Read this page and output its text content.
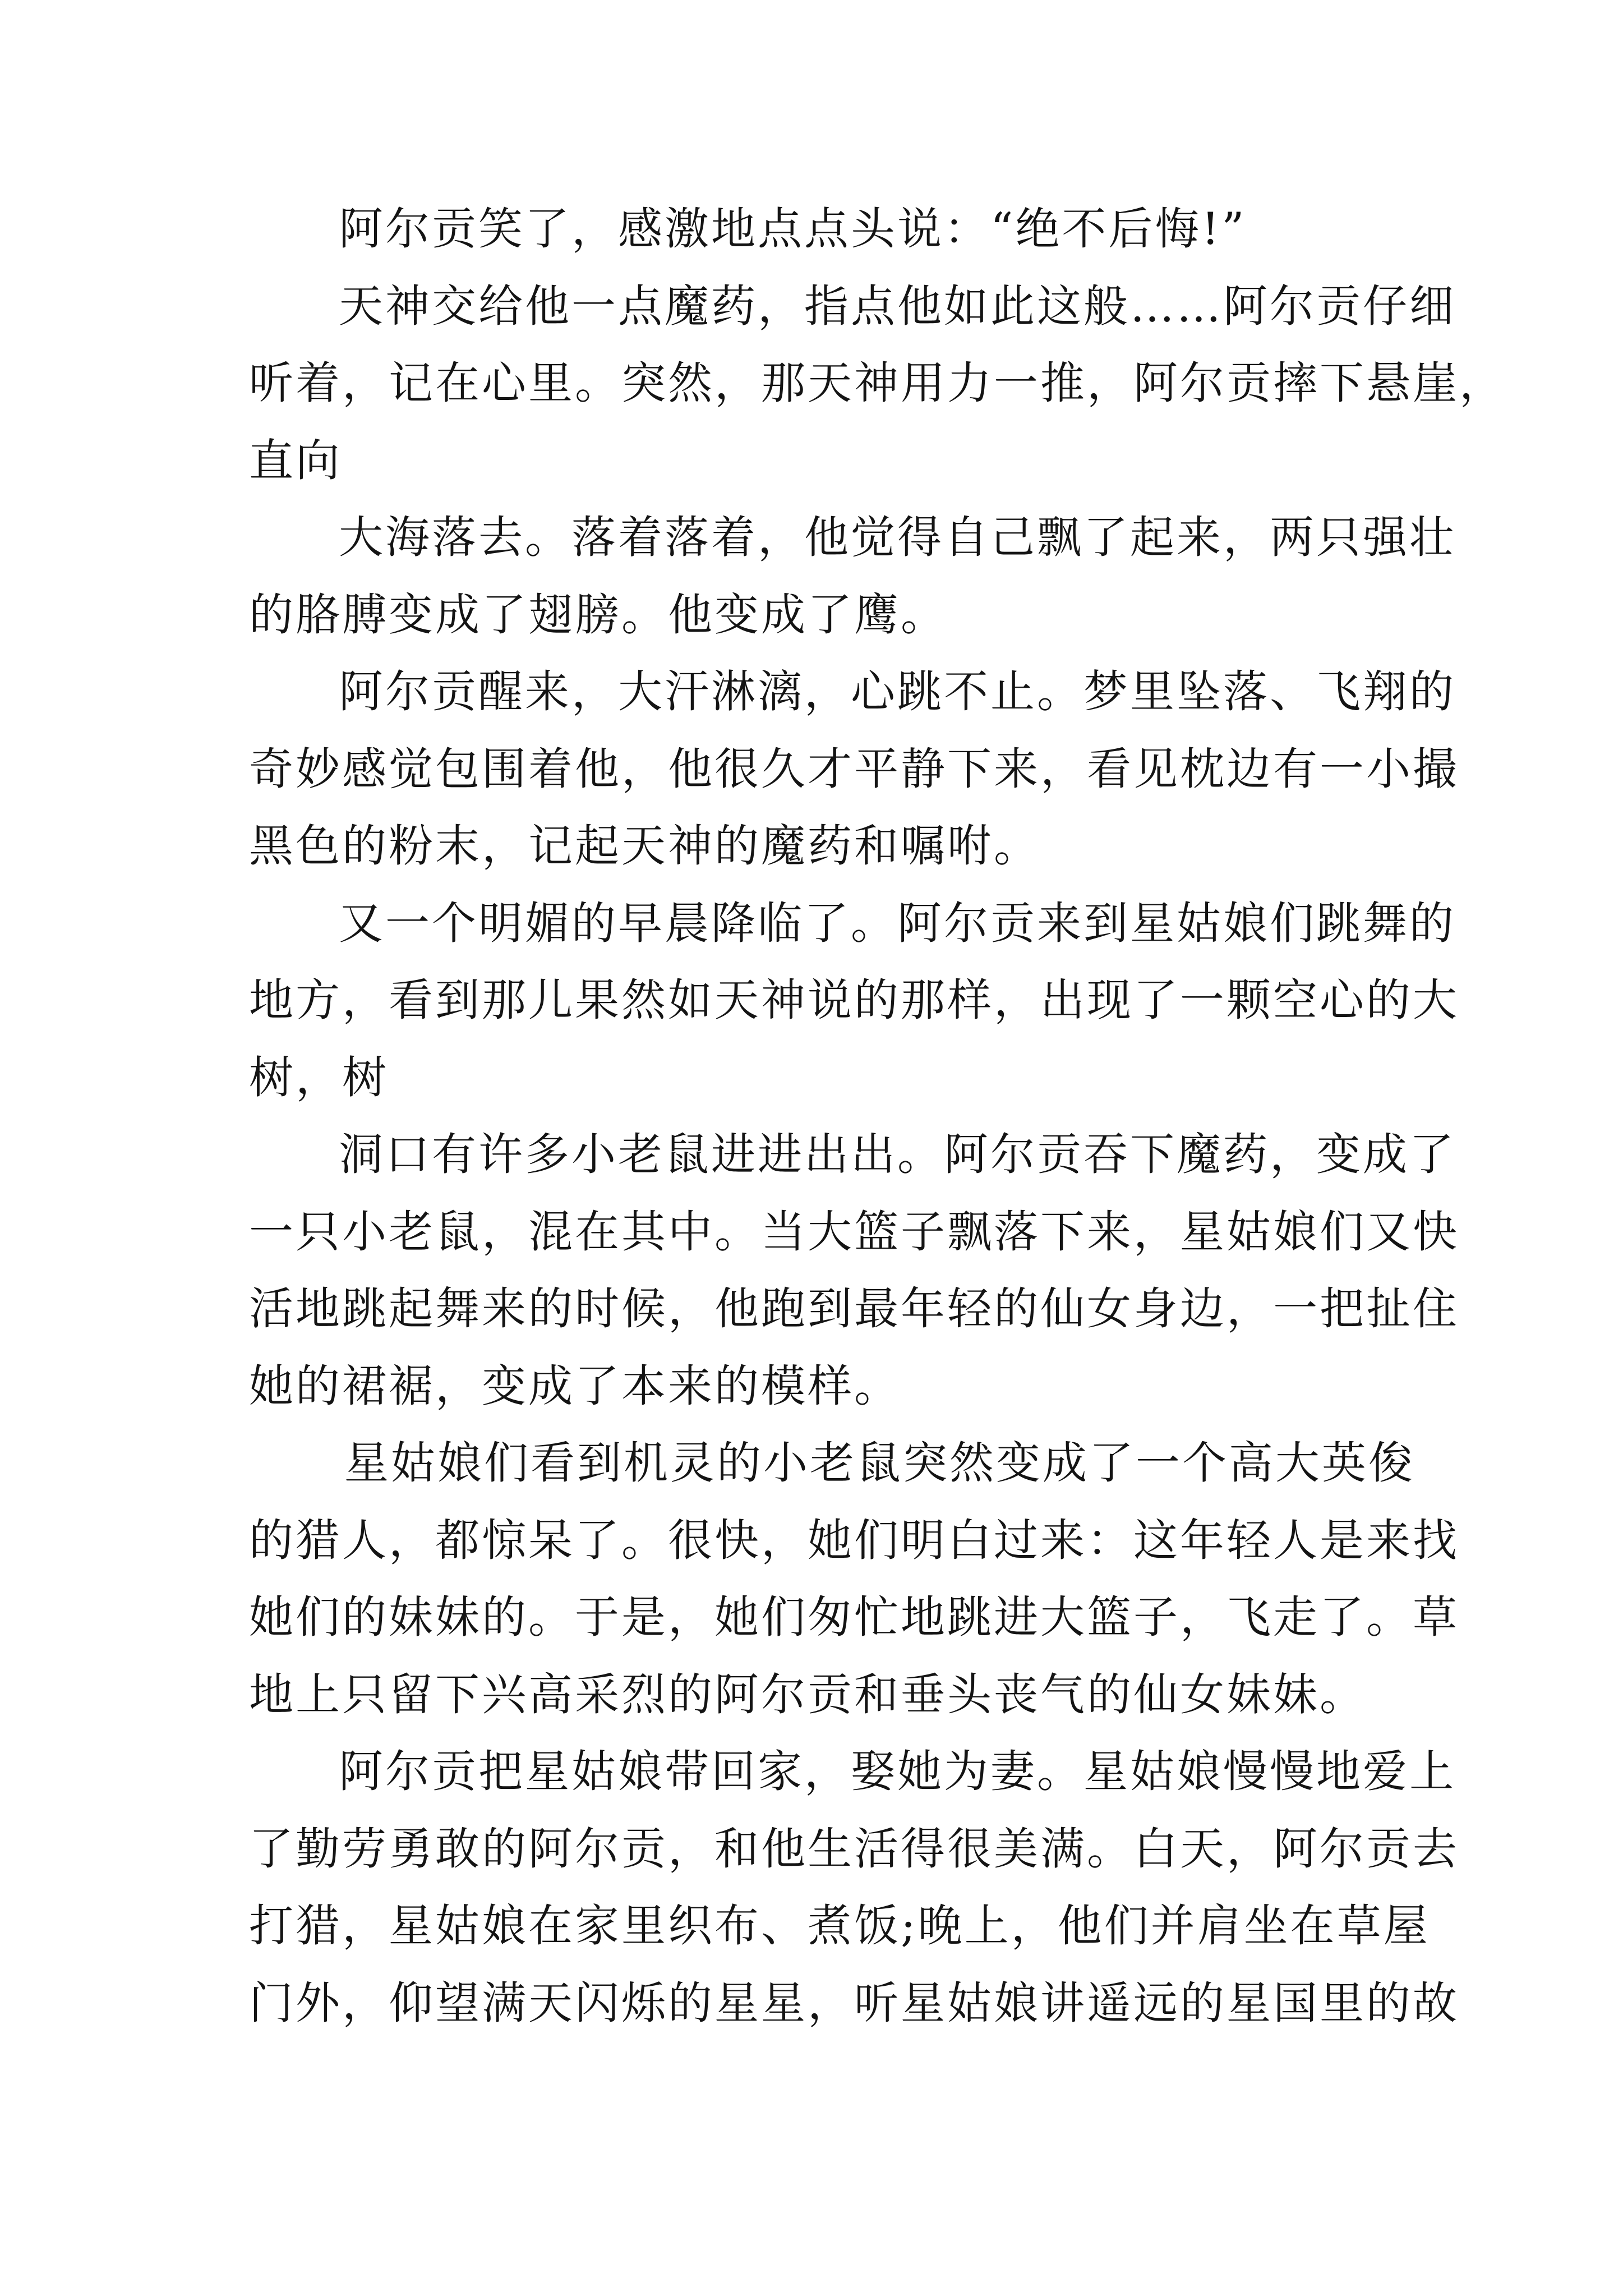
阿尔贡笑了，感激地点点头说：“绝不后悔!”
天神交给他一点魔药，指点他如此这般……阿尔贡仔细
听着，记在心里。突然，那天神用力一推，阿尔贡摔下悬崖，
直向
大海落去。落着落着，他觉得自己飘了起来，两只强壮
的胳膊变成了翅膀。他变成了鹰。
阿尔贡醒来，大汗淋漓，心跳不止。梦里坠落、飞翔的
奇妙感觉包围着他，他很久才平静下来，看见枕边有一小撮
黑色的粉末，记起天神的魔药和嘱咐。
又一个明媚的早晨降临了。阿尔贡来到星姑娘们跳舞的
地方，看到那儿果然如天神说的那样，出现了一颗空心的大
树，树
洞口有许多小老鼠进进出出。阿尔贡吞下魔药，变成了
一只小老鼠，混在其中。当大篮子飘落下来，星姑娘们又快
活地跳起舞来的时候，他跑到最年轻的仙女身边，一把扯住
她的裙裾，变成了本来的模样。
星姑娘们看到机灵的小老鼠突然变成了一个高大英俊
的猎人，都惊呆了。很快，她们明白过来：这年轻人是来找
她们的妹妹的。于是，她们匆忙地跳进大篮子，飞走了。草
地上只留下兴高采烈的阿尔贡和垂头丧气的仙女妹妹。
阿尔贡把星姑娘带回家，娶她为妻。星姑娘慢慢地爱上
了勤劳勇敢的阿尔贡，和他生活得很美满。白天，阿尔贡去
打猎，星姑娘在家里织布、煮饭;晚上，他们并肩坐在草屋
门外，仰望满天闪烁的星星，听星姑娘讲遥远的星国里的故
